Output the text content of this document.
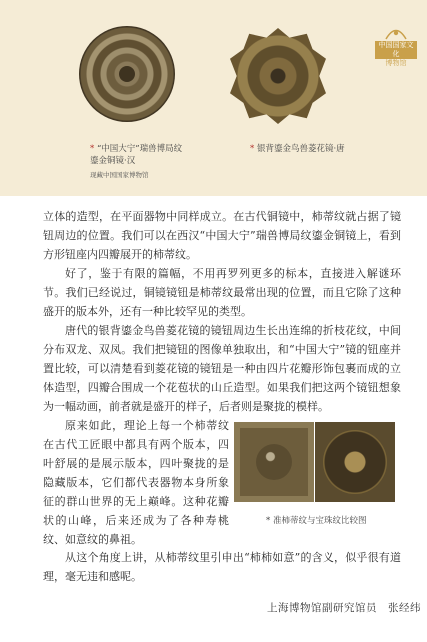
中国国家文化
博物馆
* “中国大宁”瑞兽博局纹鎏金铜镜·汉
现藏中国国家博物馆
* 银背鎏金鸟兽菱花镜·唐

立体的造型，在平面器物中同样成立。在古代铜镜中，柿蒂纹就占据了镜钮周边的位置。我们可以在西汉“中国大宁”瑞兽博局纹鎏金铜镜上，看到方形钮座内四瓣展开的柿蒂纹。

好了，鉴于有限的篇幅，不用再罗列更多的标本，直接进入解谜环节。我们已经说过，铜镜镜钮是柿蒂纹最常出现的位置，而且它除了这种盛开的版本外，还有一种比较罕见的类型。

唐代的银背鎏金鸟兽菱花镜的镜钮周边生长出连绵的折枝花纹，中间分布双龙、双凤。我们把镜钮的图像单独取出，和“中国大宁”镜的钮座并置比较，可以清楚看到菱花镜的镜钮是一种由四片花瓣形饰包裹而成的立体造型，四瓣合围成一个花苞状的山丘造型。如果我们把这两个镜钮想象为一幅动画，前者就是盛开的样子，后者则是聚拢的模样。

原来如此，理论上每一个柿蒂纹在古代工匠眼中都具有两个版本，四叶舒展的是展示版本，四叶聚拢的是隐藏版本，它们都代表器物本身所象征的群山世界的无上巅峰。这种花瓣状的山峰，后来还成为了各种寿桃纹、如意纹的鼻祖。

* 准柿蒂纹与宝珠纹比较图

从这个角度上讲，从柿蒂纹里引申出“柿柿如意”的含义，似乎很有道理，毫无违和感呢。

上海博物馆副研究馆员　张经纬
